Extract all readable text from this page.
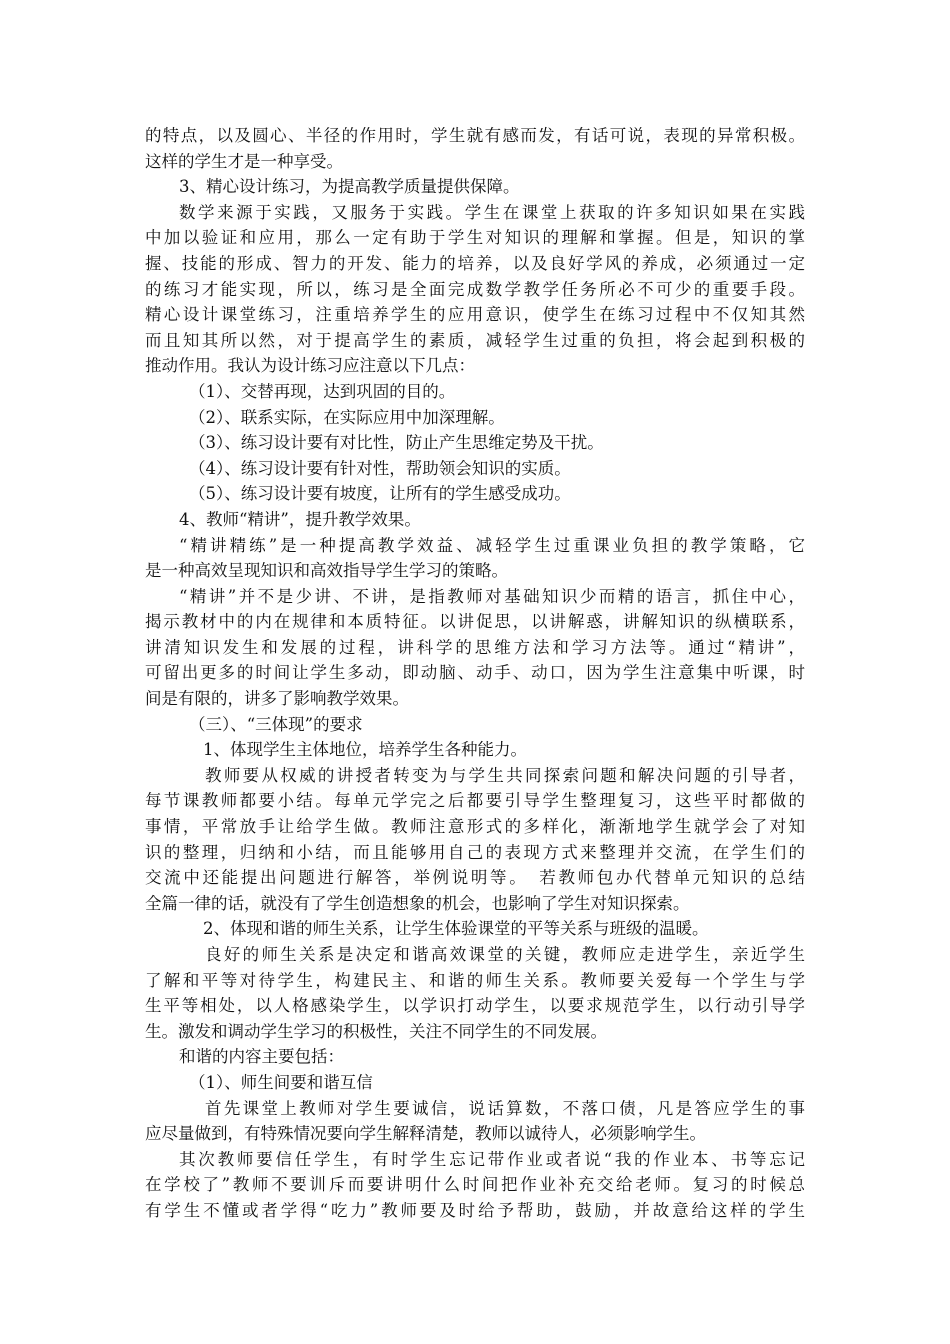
的特点，以及圆心、半径的作用时，学生就有感而发，有话可说，表现的异常积极。
这样的学生才是一种享受。
3、精心设计练习，为提高教学质量提供保障。
数学来源于实践，又服务于实践。学生在课堂上获取的许多知识如果在实践
中加以验证和应用，那么一定有助于学生对知识的理解和掌握。但是，知识的掌
握、技能的形成、智力的开发、能力的培养，以及良好学风的养成，必须通过一定
的练习才能实现，所以，练习是全面完成数学教学任务所必不可少的重要手段。
精心设计课堂练习，注重培养学生的应用意识，使学生在练习过程中不仅知其然
而且知其所以然，对于提高学生的素质，减轻学生过重的负担，将会起到积极的
推动作用。我认为设计练习应注意以下几点：
（1）、交替再现，达到巩固的目的。
（2）、联系实际，在实际应用中加深理解。
（3）、练习设计要有对比性，防止产生思维定势及干扰。
（4）、练习设计要有针对性，帮助领会知识的实质。
（5）、练习设计要有坡度，让所有的学生感受成功。
4、教师“精讲”，提升教学效果。
“精讲精练”是一种提高教学效益、减轻学生过重课业负担的教学策略，它
是一种高效呈现知识和高效指导学生学习的策略。
“精讲”并不是少讲、不讲，是指教师对基础知识少而精的语言，抓住中心，
揭示教材中的内在规律和本质特征。以讲促思，以讲解惑，讲解知识的纵横联系，
讲清知识发生和发展的过程，讲科学的思维方法和学习方法等。通过“精讲”，
可留出更多的时间让学生多动，即动脑、动手、动口，因为学生注意集中听课，时
间是有限的，讲多了影响教学效果。
（三）、“三体现”的要求
1、体现学生主体地位，培养学生各种能力。
教师要从权威的讲授者转变为与学生共同探索问题和解决问题的引导者，
每节课教师都要小结。每单元学完之后都要引导学生整理复习，这些平时都做的
事情，平常放手让给学生做。教师注意形式的多样化，渐渐地学生就学会了对知
识的整理，归纳和小结，而且能够用自己的表现方式来整理并交流，在学生们的
交流中还能提出问题进行解答，举例说明等。　若教师包办代替单元知识的总结
全篇一律的话，就没有了学生创造想象的机会，也影响了学生对知识探索。
2、体现和谐的师生关系，让学生体验课堂的平等关系与班级的温暖。
良好的师生关系是决定和谐高效课堂的关键，教师应走进学生，亲近学生
了解和平等对待学生，构建民主、和谐的师生关系。教师要关爱每一个学生与学
生平等相处，以人格感染学生，以学识打动学生，以要求规范学生，以行动引导学
生。激发和调动学生学习的积极性，关注不同学生的不同发展。
和谐的内容主要包括：
（1）、师生间要和谐互信
首先课堂上教师对学生要诚信，说话算数，不落口债，凡是答应学生的事
应尽量做到，有特殊情况要向学生解释清楚，教师以诚待人，必须影响学生。
其次教师要信任学生，有时学生忘记带作业或者说“我的作业本、书等忘记
在学校了”教师不要训斥而要讲明什么时间把作业补充交给老师。复习的时候总
有学生不懂或者学得“吃力”教师要及时给予帮助，鼓励，并故意给这样的学生
